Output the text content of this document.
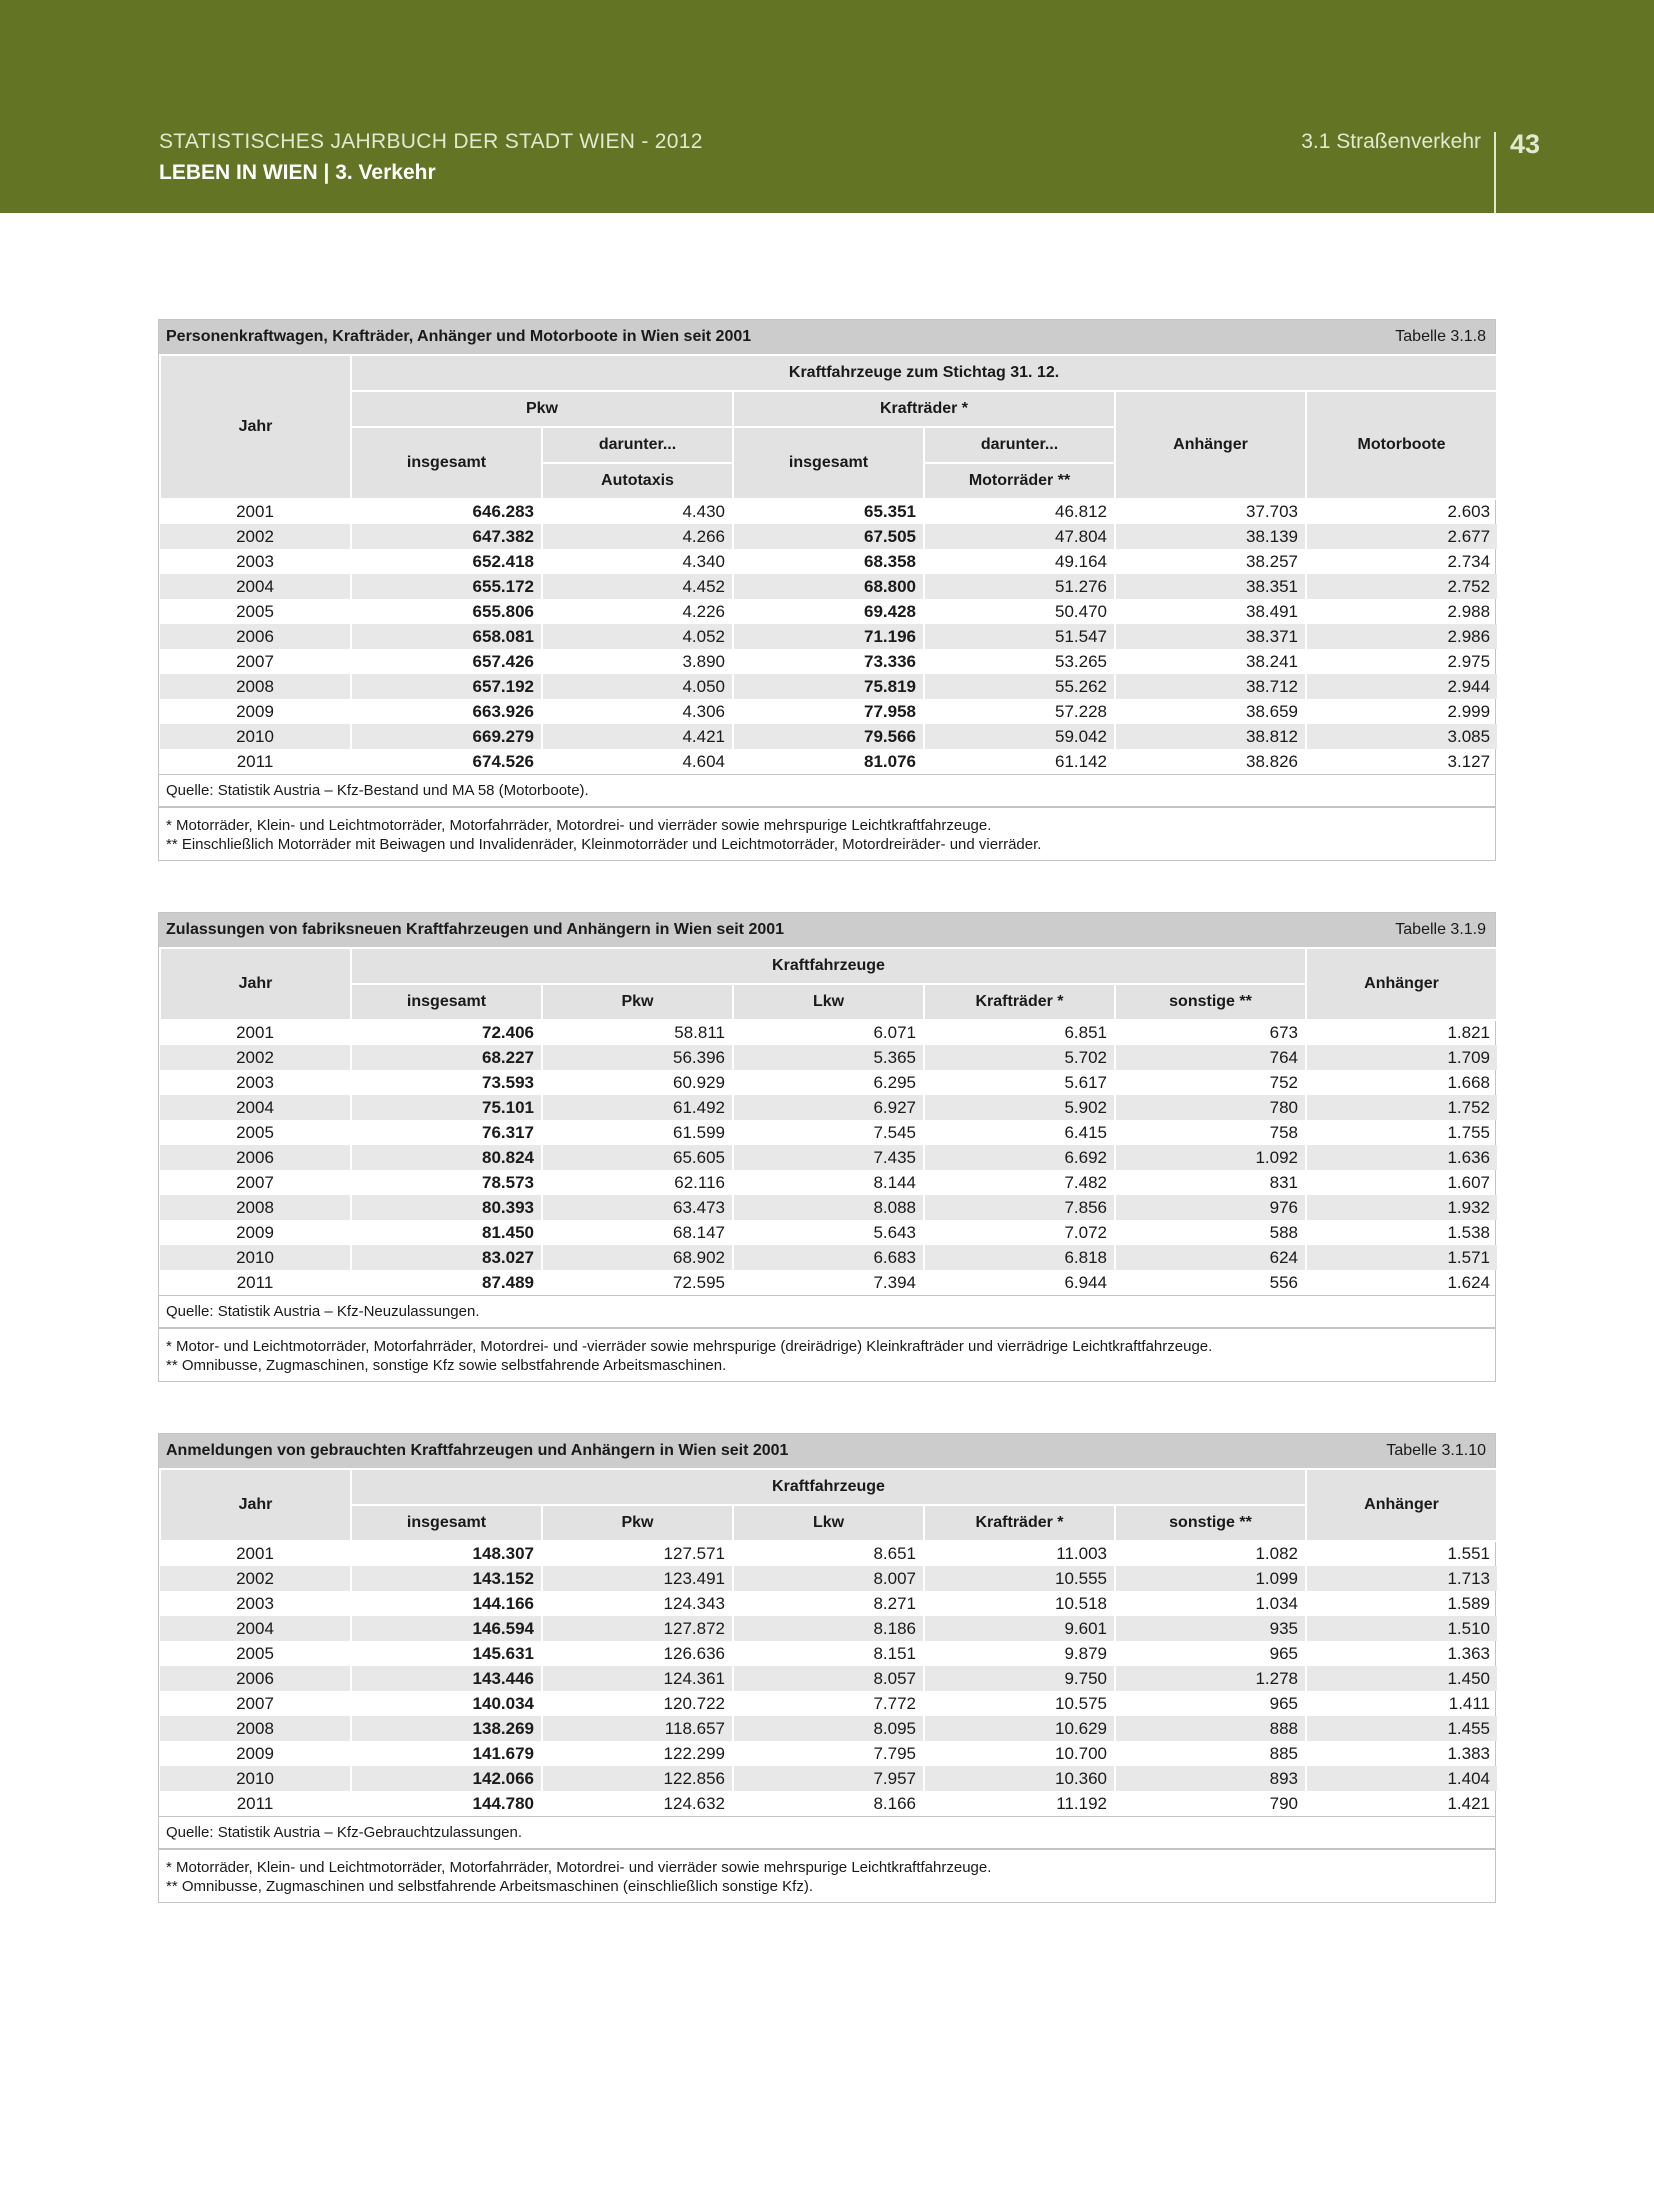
STATISTISCHES JAHRBUCH DER STADT WIEN - 2012
LEBEN IN WIEN | 3. Verkehr
3.1 Straßenverkehr 43
Personenkraftwagen, Krafträder, Anhänger und Motorboote in Wien seit 2001	Tabelle 3.1.8
Jahr	Kraftfahrzeuge zum Stichtag 31. 12.					
	Pkw		Krafträder *		Anhänger	Motorboote
	insgesamt	darunter...	insgesamt	darunter...		
		Autotaxis		Motorräder **		
2001	646.283	4.430	65.351	46.812	37.703	2.603
2002	647.382	4.266	67.505	47.804	38.139	2.677
2003	652.418	4.340	68.358	49.164	38.257	2.734
2004	655.172	4.452	68.800	51.276	38.351	2.752
2005	655.806	4.226	69.428	50.470	38.491	2.988
2006	658.081	4.052	71.196	51.547	38.371	2.986
2007	657.426	3.890	73.336	53.265	38.241	2.975
2008	657.192	4.050	75.819	55.262	38.712	2.944
2009	663.926	4.306	77.958	57.228	38.659	2.999
2010	669.279	4.421	79.566	59.042	38.812	3.085
2011	674.526	4.604	81.076	61.142	38.826	3.127
Quelle: Statistik Austria – Kfz-Bestand und MA 58 (Motorboote).
* Motorräder, Klein- und Leichtmotorräder, Motorfahrräder, Motordrei- und vierräder sowie mehrspurige Leichtkraftfahrzeuge.
** Einschließlich Motorräder mit Beiwagen und Invalidenräder, Kleinmotorräder und Leichtmotorräder, Motordreiräder- und vierräder.
Zulassungen von fabriksneuen Kraftfahrzeugen und Anhängern in Wien seit 2001	Tabelle 3.1.9
Jahr	Kraftfahrzeuge					Anhänger
	insgesamt	Pkw	Lkw	Krafträder *	sonstige **	
2001	72.406	58.811	6.071	6.851	673	1.821
2002	68.227	56.396	5.365	5.702	764	1.709
2003	73.593	60.929	6.295	5.617	752	1.668
2004	75.101	61.492	6.927	5.902	780	1.752
2005	76.317	61.599	7.545	6.415	758	1.755
2006	80.824	65.605	7.435	6.692	1.092	1.636
2007	78.573	62.116	8.144	7.482	831	1.607
2008	80.393	63.473	8.088	7.856	976	1.932
2009	81.450	68.147	5.643	7.072	588	1.538
2010	83.027	68.902	6.683	6.818	624	1.571
2011	87.489	72.595	7.394	6.944	556	1.624
Quelle: Statistik Austria – Kfz-Neuzulassungen.
* Motor- und Leichtmotorräder, Motorfahrräder, Motordrei- und -vierräder sowie mehrspurige (dreirädrige) Kleinkrafträder und vierrädrige Leichtkraftfahrzeuge.
** Omnibusse, Zugmaschinen, sonstige Kfz sowie selbstfahrende Arbeitsmaschinen.
Anmeldungen von gebrauchten Kraftfahrzeugen und Anhängern in Wien seit 2001	Tabelle 3.1.10
Jahr	Kraftfahrzeuge					Anhänger
	insgesamt	Pkw	Lkw	Krafträder *	sonstige **	
2001	148.307	127.571	8.651	11.003	1.082	1.551
2002	143.152	123.491	8.007	10.555	1.099	1.713
2003	144.166	124.343	8.271	10.518	1.034	1.589
2004	146.594	127.872	8.186	9.601	935	1.510
2005	145.631	126.636	8.151	9.879	965	1.363
2006	143.446	124.361	8.057	9.750	1.278	1.450
2007	140.034	120.722	7.772	10.575	965	1.411
2008	138.269	118.657	8.095	10.629	888	1.455
2009	141.679	122.299	7.795	10.700	885	1.383
2010	142.066	122.856	7.957	10.360	893	1.404
2011	144.780	124.632	8.166	11.192	790	1.421
Quelle: Statistik Austria – Kfz-Gebrauchtzulassungen.
* Motorräder, Klein- und Leichtmotorräder, Motorfahrräder, Motordrei- und vierräder sowie mehrspurige Leichtkraftfahrzeuge.
** Omnibusse, Zugmaschinen und selbstfahrende Arbeitsmaschinen (einschließlich sonstige Kfz).
